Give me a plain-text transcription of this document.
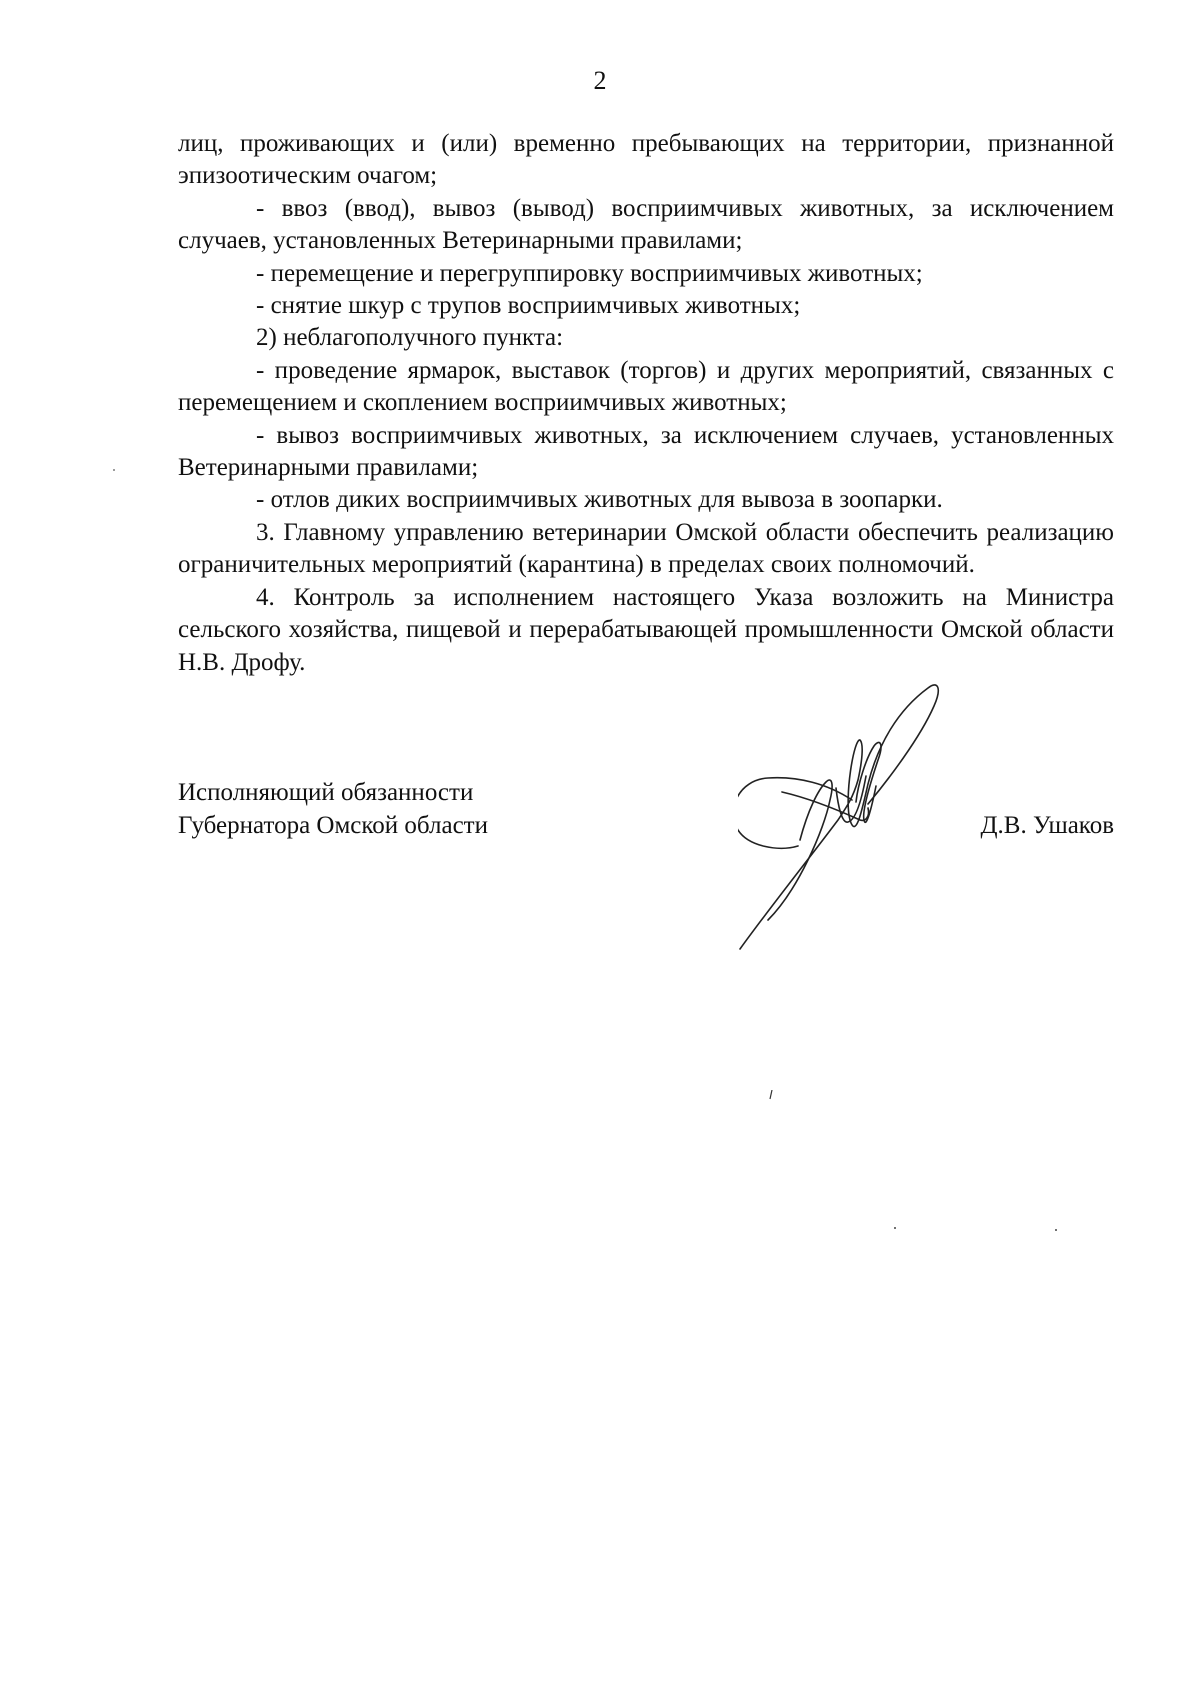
2

лиц, проживающих и (или) временно пребывающих на территории, признанной эпизоотическим очагом;

- ввоз (ввод), вывоз (вывод) восприимчивых животных, за исключением случаев, установленных Ветеринарными правилами;

- перемещение и перегруппировку восприимчивых животных;

- снятие шкур с трупов восприимчивых животных;

2) неблагополучного пункта:

- проведение ярмарок, выставок (торгов) и других мероприятий, связанных с перемещением и скоплением восприимчивых животных;

- вывоз восприимчивых животных, за исключением случаев, установленных Ветеринарными правилами;

- отлов диких восприимчивых животных для вывоза в зоопарки.

3. Главному управлению ветеринарии Омской области обеспечить реализацию ограничительных мероприятий (карантина) в пределах своих полномочий.

4. Контроль за исполнением настоящего Указа возложить на Министра сельского хозяйства, пищевой и перерабатывающей промышленности Омской области Н.В. Дрофу.

Исполняющий обязанности

Губернатора Омской области	Д.В. Ушаков
